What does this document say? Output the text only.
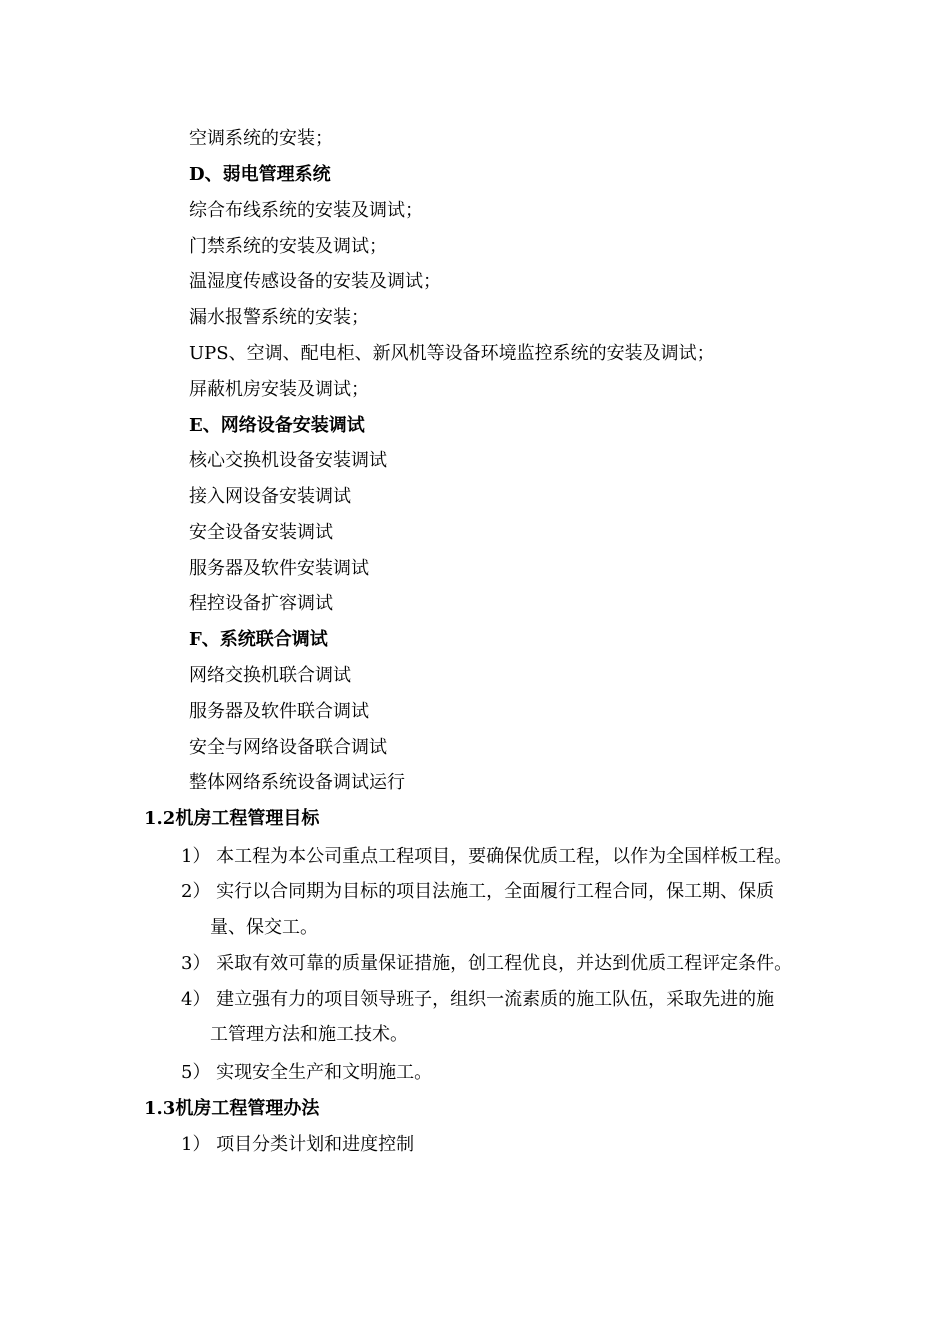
空调系统的安装；
D、弱电管理系统
综合布线系统的安装及调试；
门禁系统的安装及调试；
温湿度传感设备的安装及调试；
漏水报警系统的安装；
UPS、空调、配电柜、新风机等设备环境监控系统的安装及调试；
屏蔽机房安装及调试；
E、网络设备安装调试
核心交换机设备安装调试
接入网设备安装调试
安全设备安装调试
服务器及软件安装调试
程控设备扩容调试
F、系统联合调试
网络交换机联合调试
服务器及软件联合调试
安全与网络设备联合调试
整体网络系统设备调试运行
1.2机房工程管理目标
1） 本工程为本公司重点工程项目，要确保优质工程，以作为全国样板工程。
2） 实行以合同期为目标的项目法施工，全面履行工程合同，保工期、保质
量、保交工。
3） 采取有效可靠的质量保证措施，创工程优良，并达到优质工程评定条件。
4） 建立强有力的项目领导班子，组织一流素质的施工队伍，采取先进的施
工管理方法和施工技术。
5） 实现安全生产和文明施工。
1.3机房工程管理办法
1） 项目分类计划和进度控制
